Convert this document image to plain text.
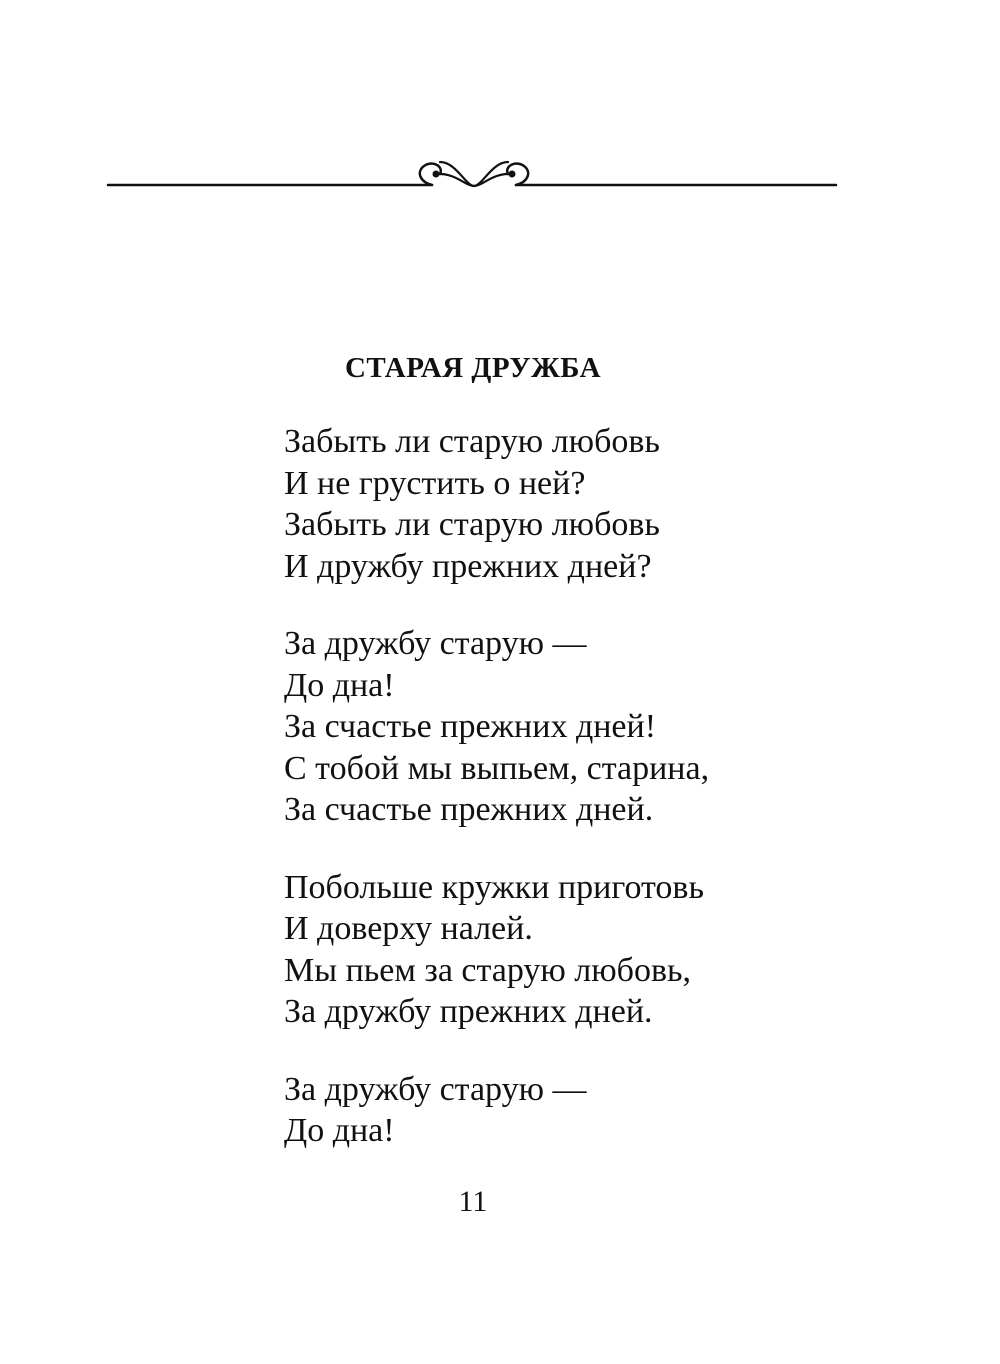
СТАРАЯ ДРУЖБА
Забыть ли старую любовь
И не грустить о ней?
Забыть ли старую любовь
И дружбу прежних дней?
За дружбу старую —
До дна!
За счастье прежних дней!
С тобой мы выпьем, старина,
За счастье прежних дней.
Побольше кружки приготовь
И доверху налей.
Мы пьем за старую любовь,
За дружбу прежних дней.
За дружбу старую —
До дна!
11
